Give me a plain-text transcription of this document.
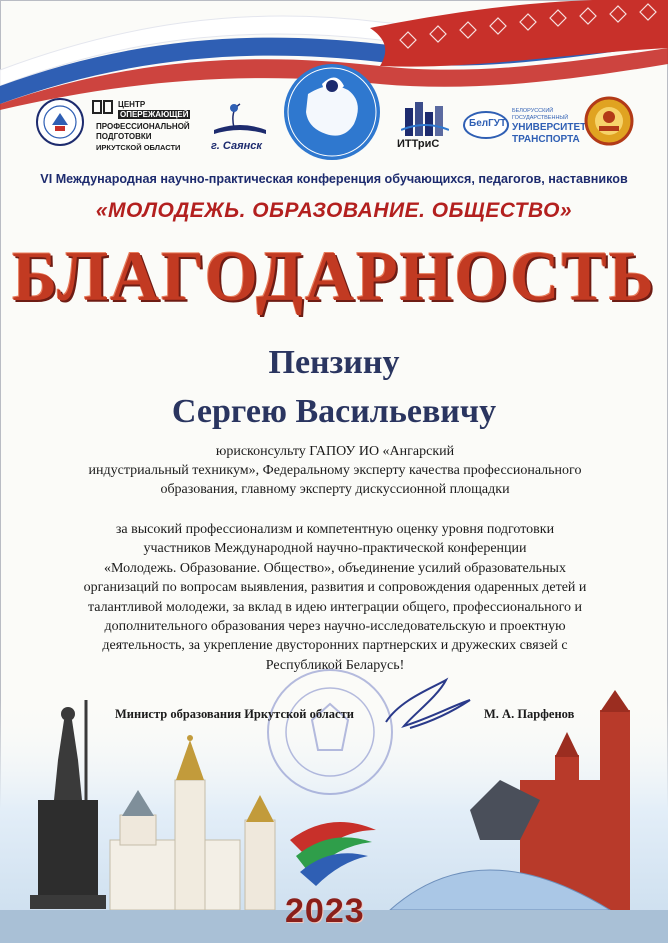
ЦЕНТР
ОПЕРЕЖАЮЩЕЙ
ПРОФЕССИОНАЛЬНОЙ
ПОДГОТОВКИ
ИРКУТСКОЙ ОБЛАСТИ	г. Саянск	ИТТриС
БелГУТ
БЕЛОРУССКИЙ
ГОСУДАРСТВЕННЫЙ
УНИВЕРСИТЕТ
ТРАНСПОРТА
VI Международная научно-практическая конференция обучающихся, педагогов, наставников
«МОЛОДЕЖЬ. ОБРАЗОВАНИЕ. ОБЩЕСТВО»
БЛАГОДАРНОСТЬ
Пензину
Сергею Васильевичу
юрисконсульту ГАПОУ ИО «Ангарский
индустриальный техникум», Федеральному эксперту качества профессионального
образования, главному эксперту дискуссионной площадки
за высокий профессионализм и компетентную оценку уровня подготовки
участников Международной научно-практической конференции
«Молодежь. Образование. Общество», объединение усилий образовательных
организаций по вопросам выявления, развития и сопровождения одаренных детей и
талантливой молодежи, за вклад в идею интеграции общего, профессионального и
дополнительного образования через научно-исследовательскую и проектную
деятельность, за укрепление двусторонних партнерских и дружеских связей с
Республикой Беларусь!
Министр образования Иркутской области	М. А. Парфенов
2023
